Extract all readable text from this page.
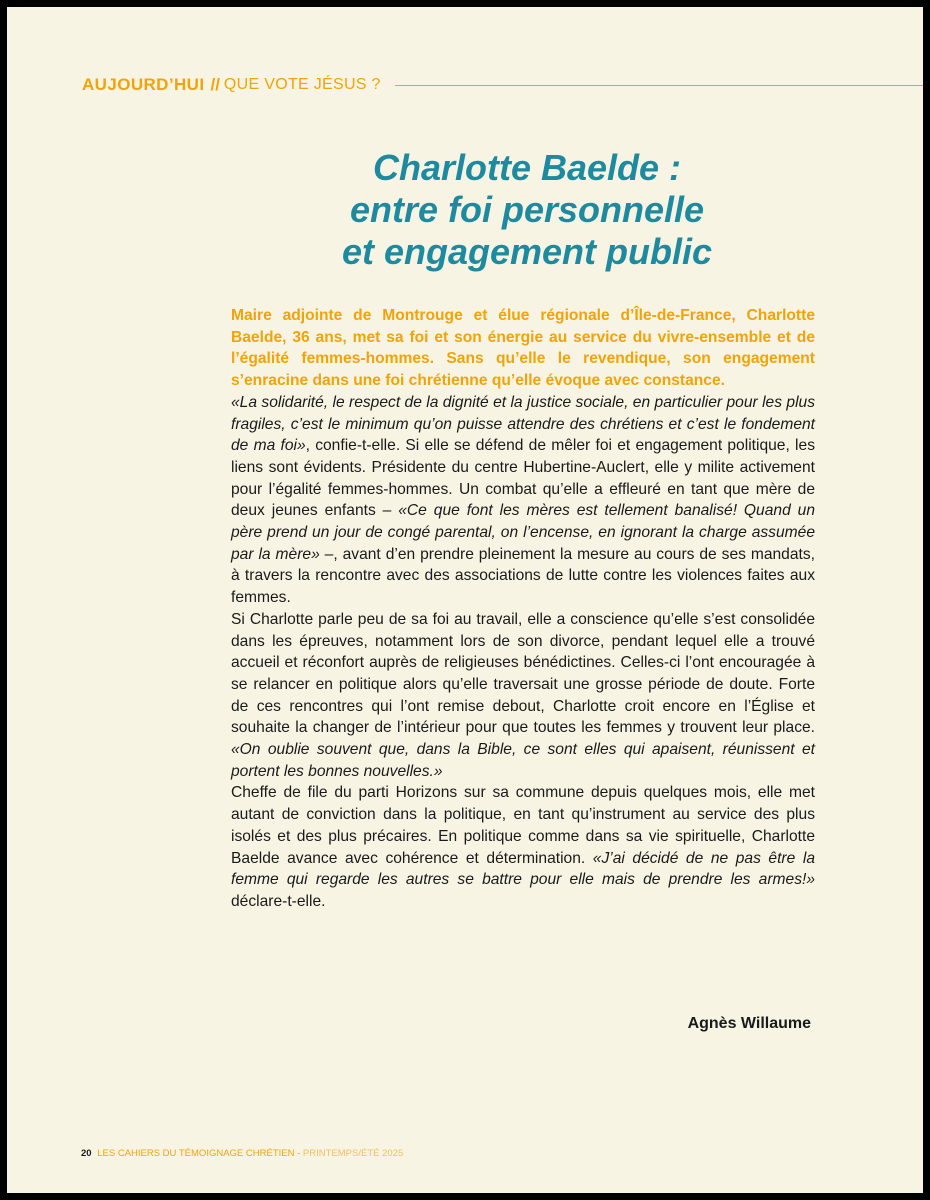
AUJOURD’HUI // QUE VOTE JÉSUS ?
Charlotte Baelde :
entre foi personnelle
et engagement public

Maire adjointe de Montrouge et élue régionale d’Île-de-France, Charlotte Baelde, 36 ans, met sa foi et son énergie au service du vivre-ensemble et de l’égalité femmes-hommes. Sans qu’elle le revendique, son engagement s’enracine dans une foi chrétienne qu’elle évoque avec constance.

«La solidarité, le respect de la dignité et la justice sociale, en particulier pour les plus fragiles, c’est le minimum qu’on puisse attendre des chrétiens et c’est le fondement de ma foi», confie-t-elle. Si elle se défend de mêler foi et engagement politique, les liens sont évidents. Présidente du centre Hubertine-Auclert, elle y milite activement pour l’égalité femmes-hommes. Un combat qu’elle a effleuré en tant que mère de deux jeunes enfants – «Ce que font les mères est tellement banalisé! Quand un père prend un jour de congé parental, on l’encense, en ignorant la charge assumée par la mère» –, avant d’en prendre pleinement la mesure au cours de ses mandats, à travers la rencontre avec des associations de lutte contre les violences faites aux femmes.

Si Charlotte parle peu de sa foi au travail, elle a conscience qu’elle s’est consolidée dans les épreuves, notamment lors de son divorce, pendant lequel elle a trouvé accueil et réconfort auprès de religieuses bénédictines. Celles-ci l’ont encouragée à se relancer en politique alors qu’elle traversait une grosse période de doute. Forte de ces rencontres qui l’ont remise debout, Charlotte croit encore en l’Église et souhaite la changer de l’intérieur pour que toutes les femmes y trouvent leur place. «On oublie souvent que, dans la Bible, ce sont elles qui apaisent, réunissent et portent les bonnes nouvelles.»

Cheffe de file du parti Horizons sur sa commune depuis quelques mois, elle met autant de conviction dans la politique, en tant qu’instrument au service des plus isolés et des plus précaires. En politique comme dans sa vie spirituelle, Charlotte Baelde avance avec cohérence et détermination. «J’ai décidé de ne pas être la femme qui regarde les autres se battre pour elle mais de prendre les armes!» déclare-t-elle.

Agnès Willaume
20 LES CAHIERS DU TÉMOIGNAGE CHRÉTIEN - PRINTEMPS/ÉTÉ 2025
